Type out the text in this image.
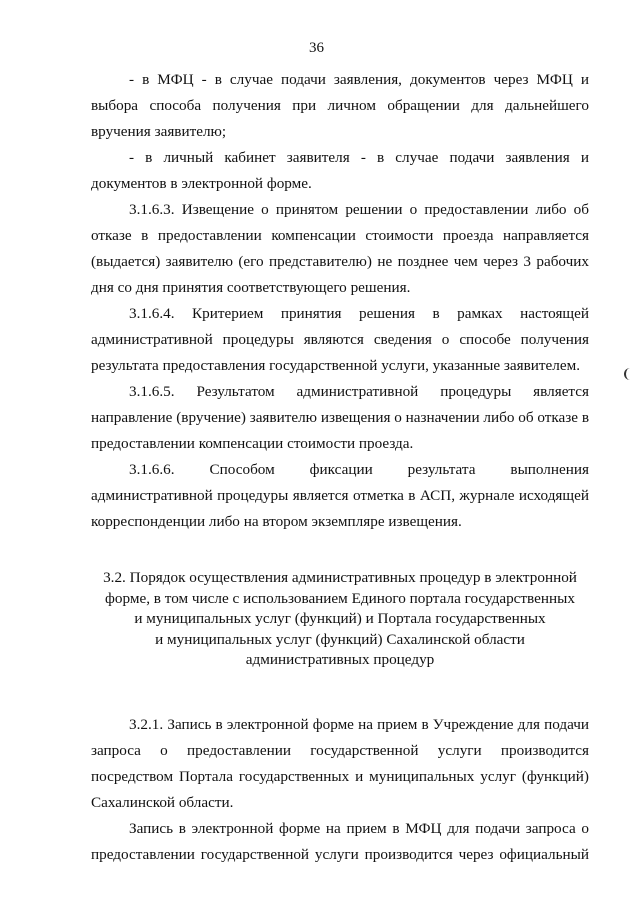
36

- в МФЦ - в случае подачи заявления, документов через МФЦ и выбора способа получения при личном обращении для дальнейшего вручения заявителю;

- в личный кабинет заявителя - в случае подачи заявления и документов в электронной форме.

3.1.6.3. Извещение о принятом решении о предоставлении либо об отказе в предоставлении компенсации стоимости проезда направляется (выдается) заявителю (его представителю) не позднее чем через 3 рабочих дня со дня принятия соответствующего решения.

3.1.6.4. Критерием принятия решения в рамках настоящей административной процедуры являются сведения о способе получения результата предоставления государственной услуги, указанные заявителем.

3.1.6.5. Результатом административной процедуры является направление (вручение) заявителю извещения о назначении либо об отказе в предоставлении компенсации стоимости проезда.

3.1.6.6. Способом фиксации результата выполнения административной процедуры является отметка в АСП, журнале исходящей корреспонденции либо на втором экземпляре извещения.

3.2. Порядок осуществления административных процедур в электронной
форме, в том числе с использованием Единого портала государственных
и муниципальных услуг (функций) и Портала государственных
и муниципальных услуг (функций) Сахалинской области
административных процедур

3.2.1. Запись в электронной форме на прием в Учреждение для подачи запроса о предоставлении государственной услуги производится посредством Портала государственных и муниципальных услуг (функций) Сахалинской области.

Запись в электронной форме на прием в МФЦ для подачи запроса о предоставлении государственной услуги производится через официальный
